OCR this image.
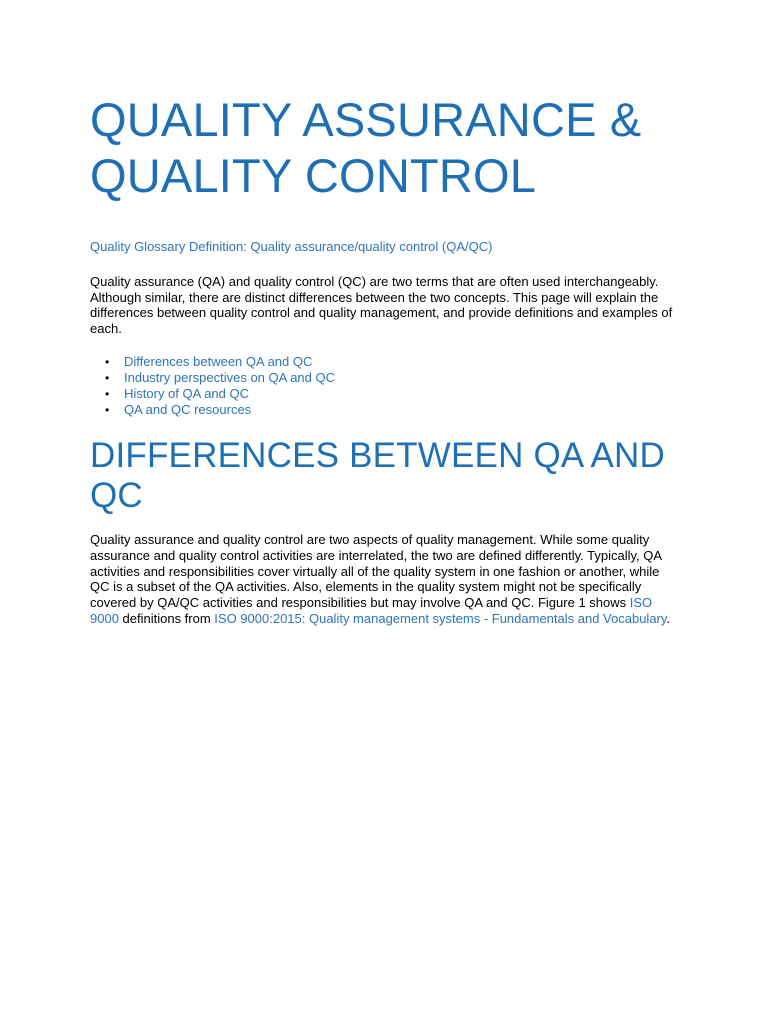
QUALITY ASSURANCE & QUALITY CONTROL
Quality Glossary Definition: Quality assurance/quality control (QA/QC)

Quality assurance (QA) and quality control (QC) are two terms that are often used interchangeably. Although similar, there are distinct differences between the two concepts. This page will explain the differences between quality control and quality management, and provide definitions and examples of each.

• Differences between QA and QC
• Industry perspectives on QA and QC
• History of QA and QC
• QA and QC resources
DIFFERENCES BETWEEN QA AND QC

Quality assurance and quality control are two aspects of quality management. While some quality assurance and quality control activities are interrelated, the two are defined differently. Typically, QA activities and responsibilities cover virtually all of the quality system in one fashion or another, while QC is a subset of the QA activities. Also, elements in the quality system might not be specifically covered by QA/QC activities and responsibilities but may involve QA and QC. Figure 1 shows ISO 9000 definitions from ISO 9000:2015: Quality management systems - Fundamentals and Vocabulary.
